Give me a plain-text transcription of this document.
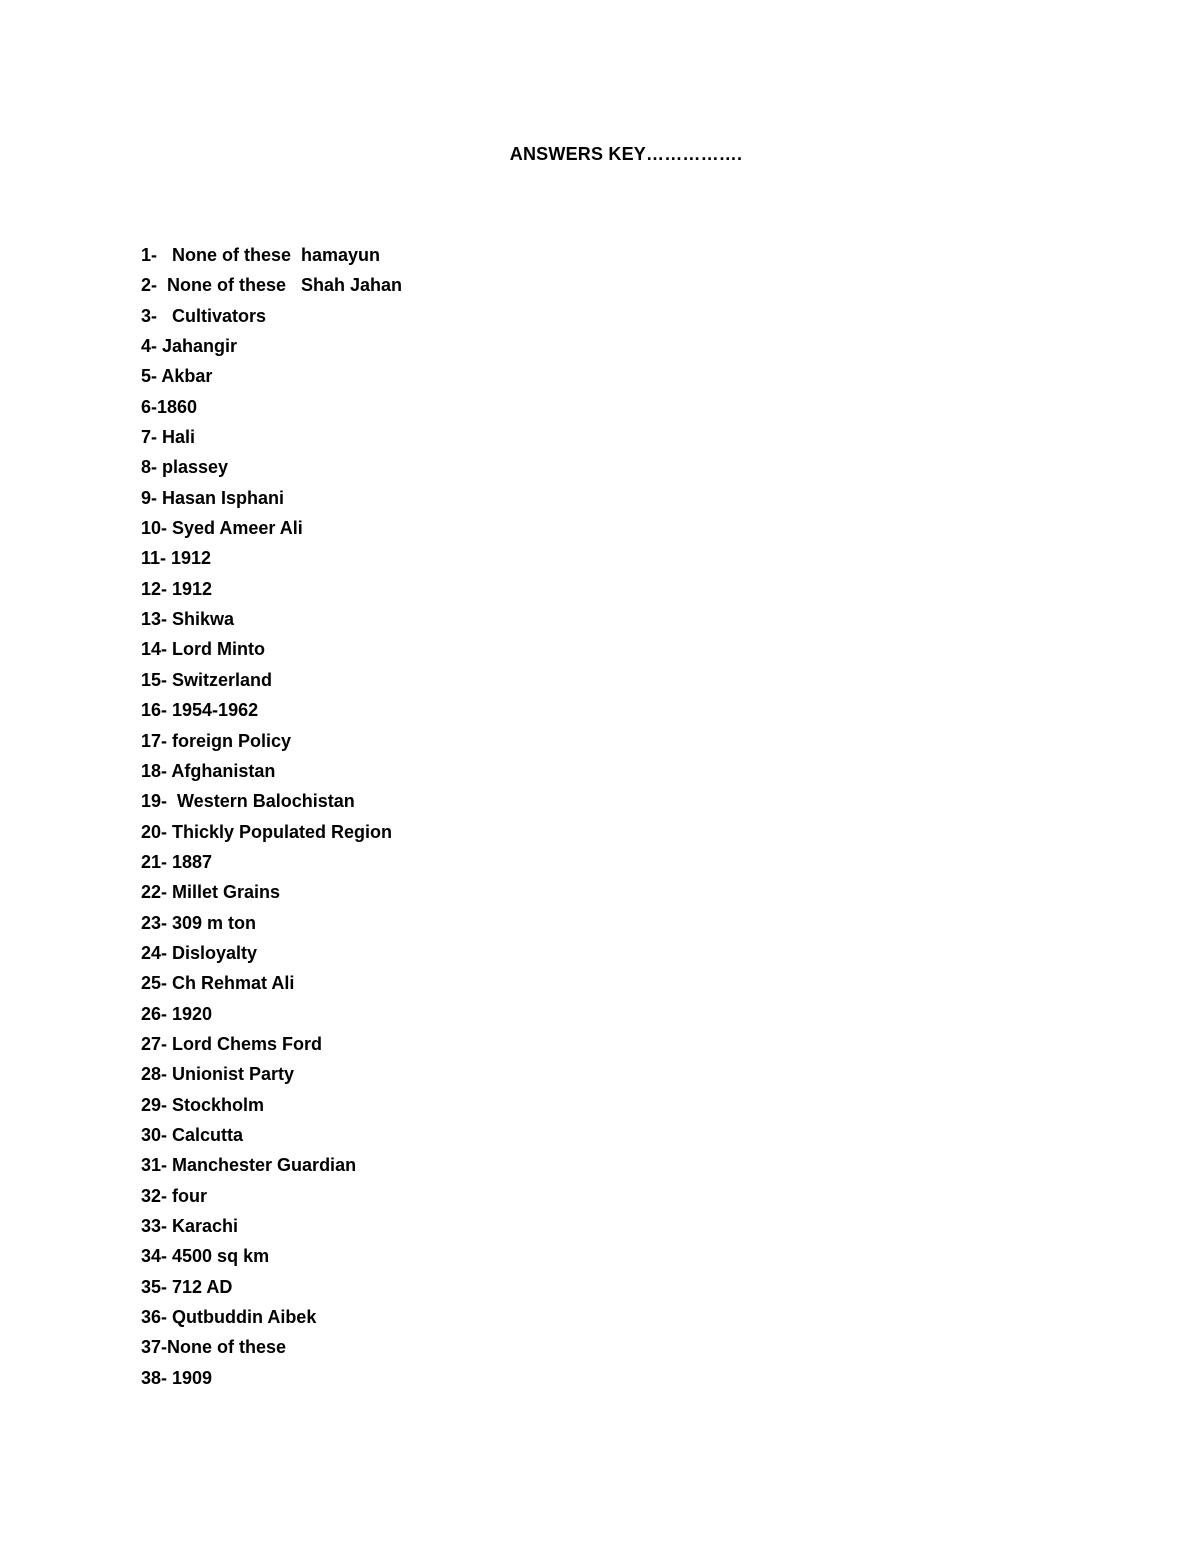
ANSWERS KEY…………….
1-   None of these  hamayun
2-  None of these   Shah Jahan
3-   Cultivators
4- Jahangir
5- Akbar
6-1860
7- Hali
8- plassey
9- Hasan Isphani
10- Syed Ameer Ali
11- 1912
12- 1912
13- Shikwa
14- Lord Minto
15- Switzerland
16- 1954-1962
17- foreign Policy
18- Afghanistan
19-  Western Balochistan
20- Thickly Populated Region
21- 1887
22- Millet Grains
23- 309 m ton
24- Disloyalty
25- Ch Rehmat Ali
26- 1920
27- Lord Chems Ford
28- Unionist Party
29- Stockholm
30- Calcutta
31- Manchester Guardian
32- four
33- Karachi
34- 4500 sq km
35- 712 AD
36- Qutbuddin Aibek
37-None of these
38- 1909
